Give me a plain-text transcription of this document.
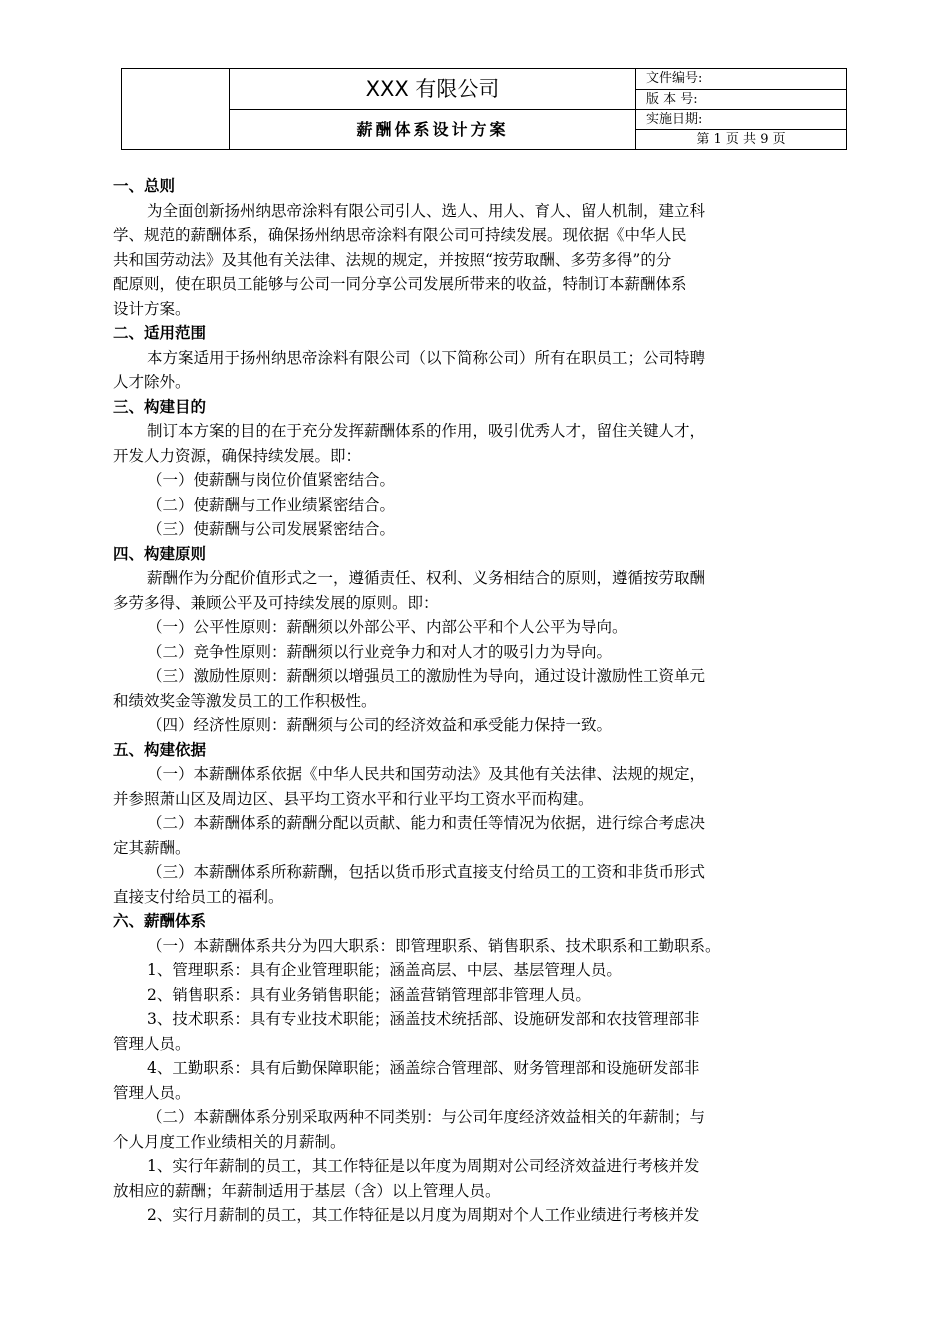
	XXX 有限公司	文件编号:
		版 本 号:
	薪酬体系设计方案	实施日期:
		第 1 页 共 9 页
一、总则

为全面创新扬州纳思帝涂料有限公司引人、选人、用人、育人、留人机制，建立科

学、规范的薪酬体系，确保扬州纳思帝涂料有限公司可持续发展。现依据《中华人民

共和国劳动法》及其他有关法律、法规的规定，并按照“按劳取酬、多劳多得”的分

配原则，使在职员工能够与公司一同分享公司发展所带来的收益，特制订本薪酬体系

设计方案。

二、适用范围

本方案适用于扬州纳思帝涂料有限公司（以下简称公司）所有在职员工；公司特聘

人才除外。

三、构建目的

制订本方案的目的在于充分发挥薪酬体系的作用，吸引优秀人才，留住关键人才，

开发人力资源，确保持续发展。即：

（一）使薪酬与岗位价值紧密结合。

（二）使薪酬与工作业绩紧密结合。

（三）使薪酬与公司发展紧密结合。

四、构建原则

薪酬作为分配价值形式之一，遵循责任、权利、义务相结合的原则，遵循按劳取酬

多劳多得、兼顾公平及可持续发展的原则。即：

（一）公平性原则：薪酬须以外部公平、内部公平和个人公平为导向。

（二）竞争性原则：薪酬须以行业竞争力和对人才的吸引力为导向。

（三）激励性原则：薪酬须以增强员工的激励性为导向，通过设计激励性工资单元

和绩效奖金等激发员工的工作积极性。

（四）经济性原则：薪酬须与公司的经济效益和承受能力保持一致。

五、构建依据

（一）本薪酬体系依据《中华人民共和国劳动法》及其他有关法律、法规的规定，

并参照萧山区及周边区、县平均工资水平和行业平均工资水平而构建。

（二）本薪酬体系的薪酬分配以贡献、能力和责任等情况为依据，进行综合考虑决

定其薪酬。

（三）本薪酬体系所称薪酬，包括以货币形式直接支付给员工的工资和非货币形式

直接支付给员工的福利。

六、薪酬体系

（一）本薪酬体系共分为四大职系：即管理职系、销售职系、技术职系和工勤职系。

1、管理职系：具有企业管理职能；涵盖高层、中层、基层管理人员。

2、销售职系：具有业务销售职能；涵盖营销管理部非管理人员。

3、技术职系：具有专业技术职能；涵盖技术统括部、设施研发部和农技管理部非

管理人员。

4、工勤职系：具有后勤保障职能；涵盖综合管理部、财务管理部和设施研发部非

管理人员。

（二）本薪酬体系分别采取两种不同类别：与公司年度经济效益相关的年薪制；与

个人月度工作业绩相关的月薪制。

1、实行年薪制的员工，其工作特征是以年度为周期对公司经济效益进行考核并发

放相应的薪酬；年薪制适用于基层（含）以上管理人员。

2、实行月薪制的员工，其工作特征是以月度为周期对个人工作业绩进行考核并发
